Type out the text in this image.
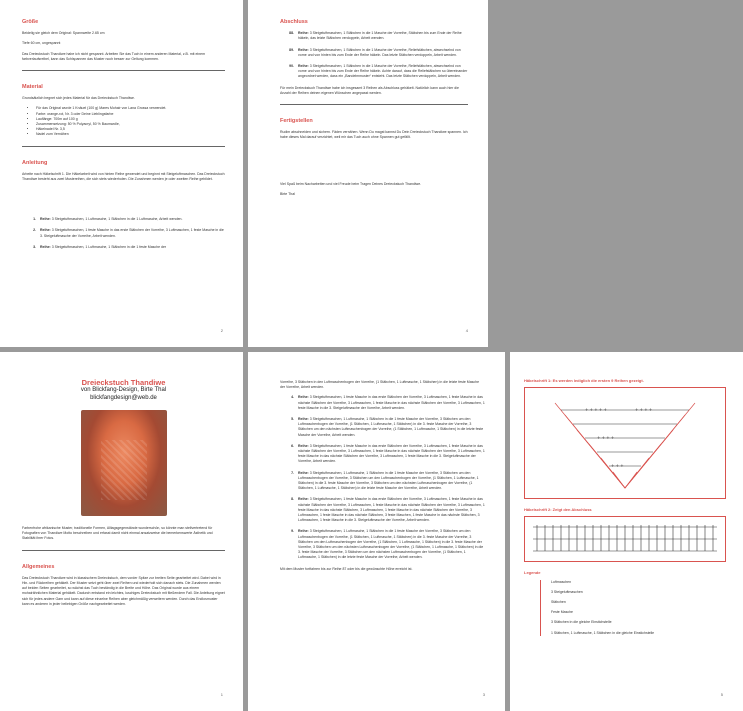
Größe

Beidelig sie gleich dem Original: Spannweite 2.65 cm

Tiefe 60 cm, ungespannt

Das Dreieckstuch Thandiwe habe ich nicht gespannt. Arbeiten Sie das Tuch in einem anderen Material, z.B. mit einem farbverlaufsreibel, kann das Schlspannen das Muster noch besser zur Geltung kommen.

Material

Grundsätzlich begnet sich jedes Material für das Dreieckstuch Thandiwe.

• Für das Original wurde 1 Knäuel (100 g) Mares Mohair von Lana Grossa verwendet.
• Farbe: orange-rot, Nr. 3 oder Deine Lieblingsfarbe
• Lauflänge: 700m auf 100 g
• Zusammensetzung: 50 % Polyacryl, 50 % Baumwolle,
• Häkelnadel Nr. 3,5
• Nadel zum Vernähen
Anleitung

Arbeite nach Häkelschrift 1. Die Häkelarbeit wird von hinten Reihe gewendet und beginnt mit Steigeluftmaschen. Das Dreieckstuch Thandiwe besteht aus zwei Mustereihen, die sich stets wiederholen. Die Zunahmen werden je oder zweiten Reihe gebildet.

1.	Reihe: 3 Steigeluftmaschen, 1 Luftmasche, 1 Stäbchen in die 1 Luftmasche, Arbeit wenden.
2.	Reihe: 3 Steigeluftmaschen, 1 feste Masche in das erste Stäbchen der Vorreihe, 3 Luftmaschen, 1 feste Masche in die 3. Steigeluftmasche der Vorreihe, Arbeit wenden.
3.	Reihe: 3 Steigeluftmaschen, 1 Luftmasche, 1 Stäbchen in die 1 feste Masche der
2
Abschluss
88.	Reihe: 3 Steigeluftmaschen, 1 Stäbchen in die 1 Masche der Vorreihe, Stäbchen bis zum Ende der Reihe häkeln, das letzte Stäbchen verdoppeln, Arbeit wenden.
89.	Reihe: 3 Steigeluftmaschen, 1 Stäbchen in die 1 Masche der Vorreihe, Reliefstäbchen, abwechselnd von vorne und von hinten bis zum Ende der Reihe häkeln. Das letzte Stäbchen verdoppeln, Arbeit wenden.
90.	Reihe: 3 Steigeluftmaschen, 1 Stäbchen in die 1 Masche der Vorreihe, Reliefstäbchen, abwechselnd von vorne und von hinten bis zum Ende der Reihe häkeln. Achte darauf, dass die Reliefstäbchen so übereinander angeordnet werden, dass ein „Bandelmmuster“ entsteht. Das letzte Stäbchen verdoppeln, Arbeit wenden.

Für mein Dreieckstuch Thandiwe habe ich insgesamt 3 Reihen als Abschluss gehäkelt. Natürlich kann auch hier die Anzahl der Reihen deinen eigenen Wünschen angepasst werden.

Fertigstellen

Rudim abschneiden und sichern. Fäden vernähen. Wenn Du magst kannst Du Dein Dreieckstuch Thandiwe spannen. Ich habe dieses Mal darauf verzichtet, weil mir das Tuch auch ohne Spannen gut gefällt.

Viel Spaß beim Nacharbeiten und viel Freude beim Tragen Deines Dreieckstuch Thandiwe.

Birte Thal

4
Dreieckstuch Thandiwe
von Blickfang-Design, Birte Thal
blickfangdesign@web.de

Farbenfrohe afrikanische Muster, traditionelle Formen, Alltagsgegenstände wunderschön, so könnte man stellvertretend für Fotografien von Thandiwe Motto beschreiben und erfasst damit nicht einmal ansatzweise die bemerkenswerte Ästhetik und Stabilität ihrer Fotos.

Allgemeines

Das Dreieckstuch Thandiwe wird in klassischem Dreieckstuch, dem vorder Spitze zur breiten Seite gearbeitet wird. Dabei wird in Hin- und Rückreihen gehäkelt. Der Muster setzt geht über zwei Reihen und wiederholt sich danach stets. Die Zunahmen werden auf beiden Seiten gearbeitet, so wächst das Tuch beständig in die Breite und Höhe. Das Original wurde aus einem mohairähnlichen Material gehäkelt. Dadurch entstand ein leichtes, luschiges Dreieckstuch mit fließendem Fall. Die Anleitung eignet sich für jedes andere Garn und kann auf diese einzelne Reihen aber gleichmäßig verweitern werden. Durch das Endlosmuster kann es anderen in jeder beliebigen Größe nachgearbeitet werden.

1

Vorreihe, 3 Stäbchen in den Luftmaschenbogen der Vorreihe, (1 Stäbchen, 1 Luftmasche, 1 Stäbchen) in die letzte feste Masche der Vorreihe, Arbeit wenden.

4.	Reihe: 3 Steigeluftmaschen, 1 feste Masche in das erste Stäbchen der Vorreihe, 3 Luftmaschen, 1 feste Masche in das nächste Stäbchen der Vorreihe, 3 Luftmaschen, 1 feste Masche in das nächste Stäbchen der Vorreihe, 3 Luftmaschen, 1 feste Masche in die 3. Steigeluftmasche der Vorreihe, Arbeit wenden.
5.	Reihe: 3 Steigeluftmaschen, 1 Luftmasche, 1 Stäbchen in die 1 feste Masche der Vorreihe, 3 Stäbchen um den Luftmaschenbogen der Vorreihe, (1 Stäbchen, 1 Luftmasche, 1 Stäbchen) in die 3. feste Masche der Vorreihe, 3 Stäbchen um den nächsten Luftmaschenbogen der Vorreihe, (1 Stäbchen, 1 Luftmasche, 1 Stäbchen) in die letzte feste Masche der Vorreihe, Arbeit wenden.
6.	Reihe: 3 Steigeluftmaschen, 1 feste Masche in das erste Stäbchen der Vorreihe, 3 Luftmaschen, 1 feste Masche in das nächste Stäbchen der Vorreihe, 3 Luftmaschen, 1 feste Masche in das nächste Stäbchen der Vorreihe, 3 Luftmaschen, 1 feste Masche in das nächste Stäbchen der Vorreihe, 3 Luftmaschen, 1 feste Masche in die 3. Steigeluftmasche der Vorreihe, Arbeit wenden.
7.	Reihe: 3 Steigeluftmaschen, 1 Luftmasche, 1 Stäbchen in die 1 feste Masche der Vorreihe, 3 Stäbchen um den Luftmaschenbogen der Vorreihe, 3 Stäbchen um den Luftmaschenbogen der Vorreihe, (1 Stäbchen, 1 Luftmasche, 1 Stäbchen) in die 3. feste Masche der Vorreihe, 3 Stäbchen um den nächsten Luftmaschenbogen der Vorreihe, (1 Stäbchen, 1 Luftmasche, 1 Stäbchen) in die letzte feste Masche der Vorreihe, Arbeit wenden.
8.	Reihe: 3 Steigeluftmaschen, 1 feste Masche in das erste Stäbchen der Vorreihe, 3 Luftmaschen, 1 feste Masche in das nächste Stäbchen der Vorreihe, 3 Luftmaschen, 1 feste Masche in das nächste Stäbchen der Vorreihe, 3 Luftmaschen, 1 feste Masche in das nächste Stäbchen, 3 Luftmaschen, 1 feste Masche in das nächste Stäbchen der Vorreihe, 3 Luftmaschen, 1 feste Masche in das nächste Stäbchen, 3 feste Maschen, 1 feste Masche in das nächste Stäbchen, 3 Luftmaschen, 1 feste Masche in die 3. Steigeluftmasche der Vorreihe, Arbeit wenden.
9.	Reihe: 3 Steigeluftmaschen, 1 Luftmasche, 1 Stäbchen in die 1 feste Masche der Vorreihe, 3 Stäbchen um den Luftmaschenbogen der Vorreihe, (1 Stäbchen, 1 Luftmasche, 1 Stäbchen) in die 3. feste Masche der Vorreihe, 3 Stäbchen um den Luftmaschenbogen der Vorreihe, (1 Stäbchen, 1 Luftmasche, 1 Stäbchen) in die 3. feste Masche der Vorreihe, 3 Stäbchen um den nächsten Luftmaschenbogen der Vorreihe, (1 Stäbchen, 1 Luftmasche, 1 Stäbchen) in die 3. feste Masche der Vorreihe, 3 Stäbchen um den nächsten Luftmaschenbogen der Vorreihe, (1 Stäbchen, 1 Luftmasche, 1 Stäbchen) in die letzte feste Masche der Vorreihe, Arbeit wenden.

Mit dem Muster fortfahren bis zur Reihe 87 oder bis die gewünschte Höhe erreicht ist.

3
Häkelschrift 1: Es werden lediglich die ersten 9 Reihen gezeigt.
+ + + + +	+ + + +
+ + + +
+ + +
Häkelschrift 2: Zeigt den Abschluss
Legende
Luftmaschen
3 Steigeluftmaschen
Stäbchen
Feste Masche
3 Stäbchen in die gleiche Einstichstelle
1 Stäbchen, 1 Luftmasche, 1 Stäbchen in die gleiche Einstichstelle
5
